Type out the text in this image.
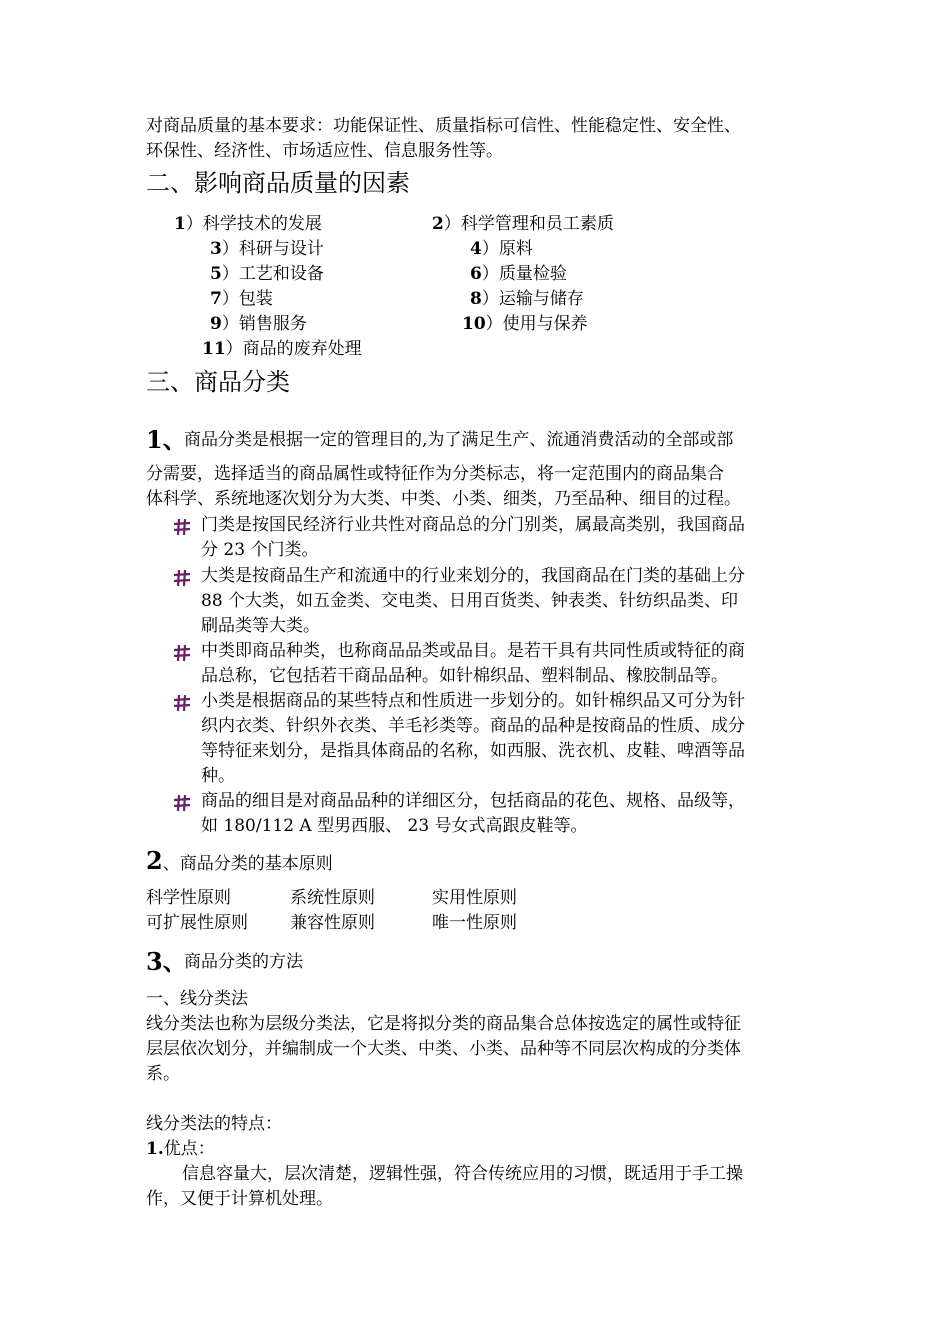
对商品质量的基本要求：功能保证性、质量指标可信性、性能稳定性、安全性、
环保性、经济性、市场适应性、信息服务性等。
二、影响商品质量的因素
1）科学技术的发展	2）科学管理和员工素质
3）科研与设计	4）原料
5）工艺和设备	6）质量检验
7）包装	8）运输与储存
9）销售服务	10）使用与保养
11）商品的废弃处理
三、商品分类
1、
商品分类是根据一定的管理目的,为了满足生产、流通消费活动的全部或部
分需要，选择适当的商品属性或特征作为分类标志，将一定范围内的商品集合
体科学、系统地逐次划分为大类、中类、小类、细类，乃至品种、细目的过程。
门类是按国民经济行业共性对商品总的分门别类，属最高类别，我国商品
分 23 个门类。
大类是按商品生产和流通中的行业来划分的，我国商品在门类的基础上分
88 个大类，如五金类、交电类、日用百货类、钟表类、针纺织品类、印
刷品类等大类。
中类即商品种类，也称商品品类或品目。是若干具有共同性质或特征的商
品总称，它包括若干商品品种。如针棉织品、塑料制品、橡胶制品等。
小类是根据商品的某些特点和性质进一步划分的。如针棉织品又可分为针
织内衣类、针织外衣类、羊毛衫类等。商品的品种是按商品的性质、成分
等特征来划分，是指具体商品的名称，如西服、洗衣机、皮鞋、啤酒等品
种。
商品的细目是对商品品种的详细区分，包括商品的花色、规格、品级等，
如 180/112 A 型男西服、 23 号女式高跟皮鞋等。
2、商品分类的基本原则
科学性原则	系统性原则	实用性原则
可扩展性原则 兼容性原则	唯一性原则
3、
商品分类的方法
一、线分类法
线分类法也称为层级分类法，它是将拟分类的商品集合总体按选定的属性或特征
层层依次划分，并编制成一个大类、中类、小类、品种等不同层次构成的分类体
系。
线分类法的特点：
1.优点：
信息容量大，层次清楚，逻辑性强，符合传统应用的习惯，既适用于手工操
作，又便于计算机处理。
